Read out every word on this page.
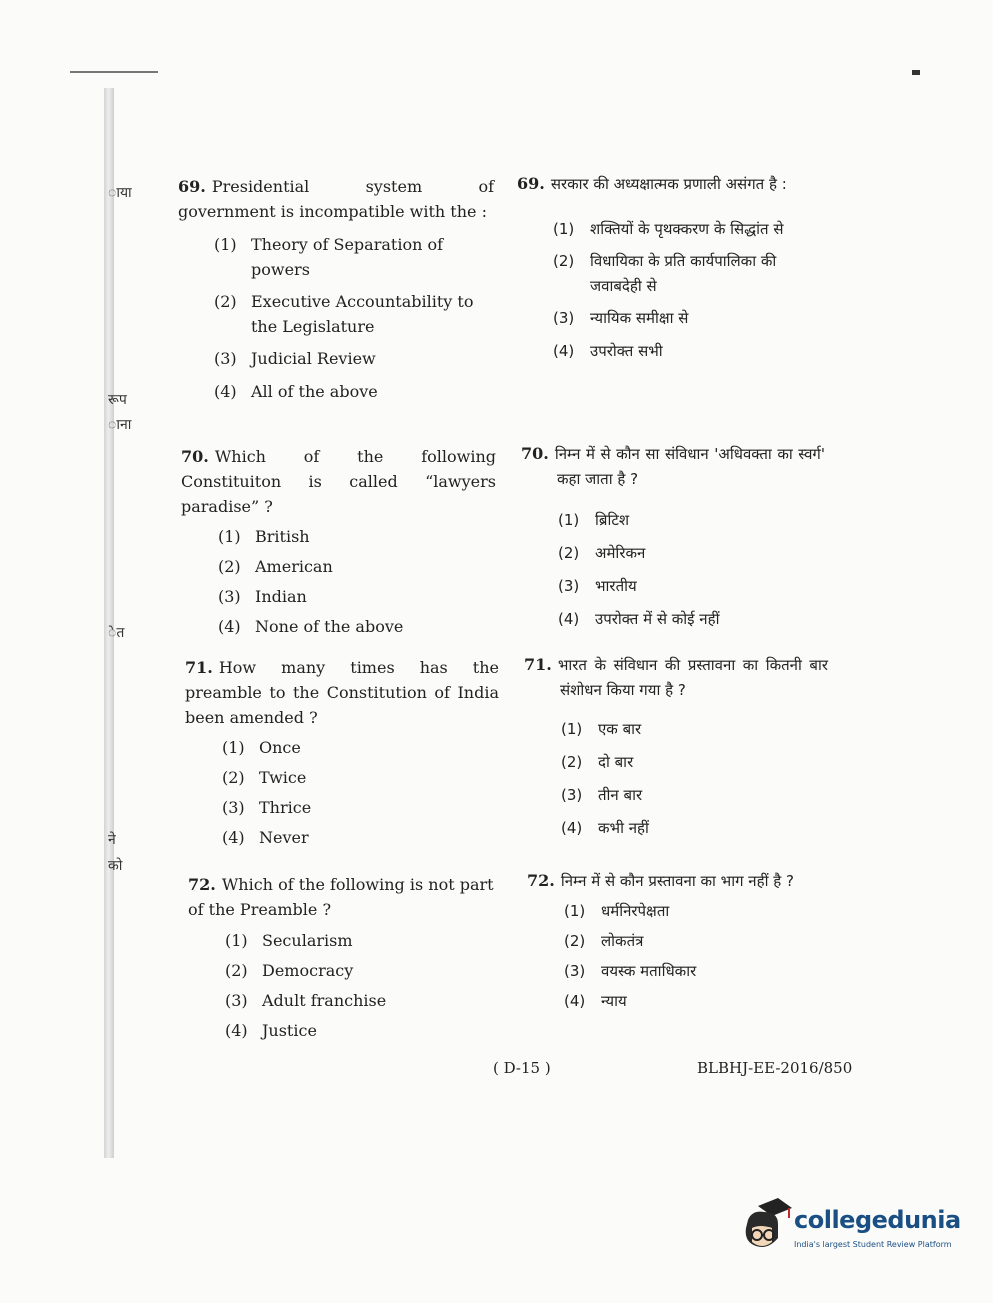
ाया
रूप
ाना
ेत
ने
को
69. Presidential system of government is incompatible with the :
(1) Theory of Separation of powers
(2) Executive Accountability to the Legislature
(3) Judicial Review
(4) All of the above
70. Which of the following Constituiton is called “lawyers paradise” ?
(1) British
(2) American
(3) Indian
(4) None of the above
71. How many times has the preamble to the Constitution of India been amended ?
(1) Once
(2) Twice
(3) Thrice
(4) Never
72. Which of the following is not part of the Preamble ?
(1) Secularism
(2) Democracy
(3) Adult franchise
(4) Justice
69. सरकार की अध्यक्षात्मक प्रणाली असंगत है :
(1) शक्तियों के पृथक्करण के सिद्धांत से
(2) विधायिका के प्रति कार्यपालिका की जवाबदेही से
(3) न्यायिक समीक्षा से
(4) उपरोक्त सभी
70. निम्न में से कौन सा संविधान 'अधिवक्ता का स्वर्ग' कहा जाता है ?
(1) ब्रिटिश
(2) अमेरिकन
(3) भारतीय
(4) उपरोक्त में से कोई नहीं
71. भारत के संविधान की प्रस्तावना का कितनी बार संशोधन किया गया है ?
(1) एक बार
(2) दो बार
(3) तीन बार
(4) कभी नहीं
72. निम्न में से कौन प्रस्तावना का भाग नहीं है ?
(1) धर्मनिरपेक्षता
(2) लोकतंत्र
(3) वयस्क मताधिकार
(4) न्याय
( D-15 )	BLBHJ-EE-2016/850
collegedunia
India's largest Student Review Platform
